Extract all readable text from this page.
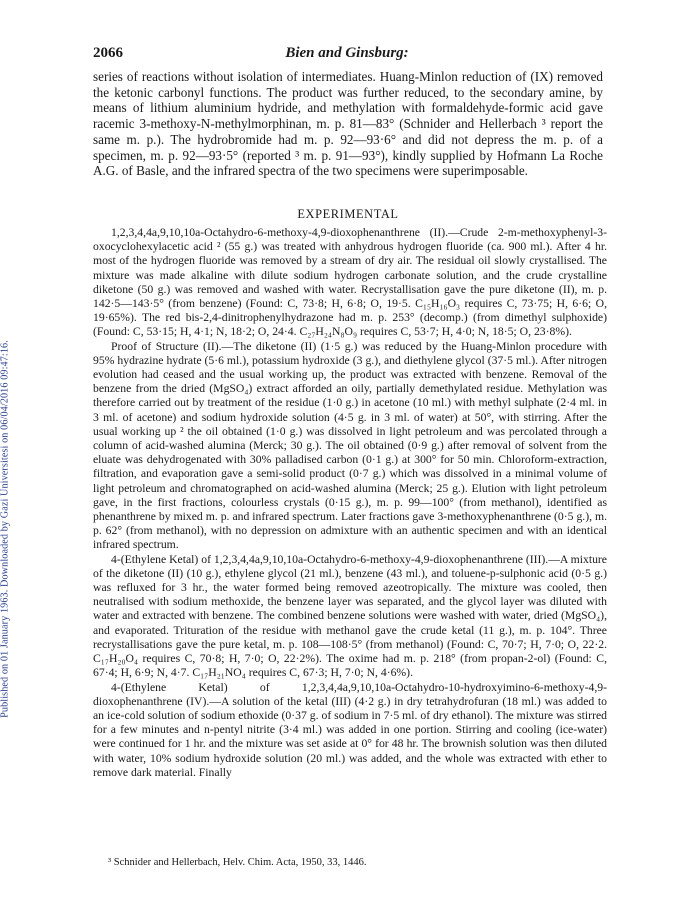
Published on 01 January 1963. Downloaded by Gazi Universitesi on 06/04/2016 09:47:16.
2066	Bien and Ginsburg:

series of reactions without isolation of intermediates. Huang-Minlon reduction of (IX) removed the ketonic carbonyl functions. The product was further reduced, to the secondary amine, by means of lithium aluminium hydride, and methylation with formaldehyde-formic acid gave racemic 3-methoxy-N-methylmorphinan, m. p. 81—83° (Schnider and Hellerbach ³ report the same m. p.). The hydrobromide had m. p. 92—93·6° and did not depress the m. p. of a specimen, m. p. 92—93·5° (reported ³ m. p. 91—93°), kindly supplied by Hofmann La Roche A.G. of Basle, and the infrared spectra of the two specimens were superimposable.

EXPERIMENTAL

1,2,3,4,4a,9,10,10a-Octahydro-6-methoxy-4,9-dioxophenanthrene (II).—Crude 2-m-methoxyphenyl-3-oxocyclohexylacetic acid ² (55 g.) was treated with anhydrous hydrogen fluoride (ca. 900 ml.). After 4 hr. most of the hydrogen fluoride was removed by a stream of dry air. The residual oil slowly crystallised. The mixture was made alkaline with dilute sodium hydrogen carbonate solution, and the crude crystalline diketone (50 g.) was removed and washed with water. Recrystallisation gave the pure diketone (II), m. p. 142·5—143·5° (from benzene) (Found: C, 73·8; H, 6·8; O, 19·5. C₁₅H₁₆O₃ requires C, 73·75; H, 6·6; O, 19·65%). The red bis-2,4-dinitrophenylhydrazone had m. p. 253° (decomp.) (from dimethyl sulphoxide) (Found: C, 53·15; H, 4·1; N, 18·2; O, 24·4. C₂₇H₂₄N₈O₉ requires C, 53·7; H, 4·0; N, 18·5; O, 23·8%).

Proof of Structure (II).—The diketone (II) (1·5 g.) was reduced by the Huang-Minlon procedure with 95% hydrazine hydrate (5·6 ml.), potassium hydroxide (3 g.), and diethylene glycol (37·5 ml.). After nitrogen evolution had ceased and the usual working up, the product was extracted with benzene. Removal of the benzene from the dried (MgSO₄) extract afforded an oily, partially demethylated residue. Methylation was therefore carried out by treatment of the residue (1·0 g.) in acetone (10 ml.) with methyl sulphate (2·4 ml. in 3 ml. of acetone) and sodium hydroxide solution (4·5 g. in 3 ml. of water) at 50°, with stirring. After the usual working up ² the oil obtained (1·0 g.) was dissolved in light petroleum and was percolated through a column of acid-washed alumina (Merck; 30 g.). The oil obtained (0·9 g.) after removal of solvent from the eluate was dehydrogenated with 30% palladised carbon (0·1 g.) at 300° for 50 min. Chloroform-extraction, filtration, and evaporation gave a semi-solid product (0·7 g.) which was dissolved in a minimal volume of light petroleum and chromatographed on acid-washed alumina (Merck; 25 g.). Elution with light petroleum gave, in the first fractions, colourless crystals (0·15 g.), m. p. 99—100° (from methanol), identified as phenanthrene by mixed m. p. and infrared spectrum. Later fractions gave 3-methoxyphenanthrene (0·5 g.), m. p. 62° (from methanol), with no depression on admixture with an authentic specimen and with an identical infrared spectrum.

4-(Ethylene Ketal) of 1,2,3,4,4a,9,10,10a-Octahydro-6-methoxy-4,9-dioxophenanthrene (III).—A mixture of the diketone (II) (10 g.), ethylene glycol (21 ml.), benzene (43 ml.), and toluene-p-sulphonic acid (0·5 g.) was refluxed for 3 hr., the water formed being removed azeotropically. The mixture was cooled, then neutralised with sodium methoxide, the benzene layer was separated, and the glycol layer was diluted with water and extracted with benzene. The combined benzene solutions were washed with water, dried (MgSO₄), and evaporated. Trituration of the residue with methanol gave the crude ketal (11 g.), m. p. 104°. Three recrystallisations gave the pure ketal, m. p. 108—108·5° (from methanol) (Found: C, 70·7; H, 7·0; O, 22·2. C₁₇H₂₀O₄ requires C, 70·8; H, 7·0; O, 22·2%). The oxime had m. p. 218° (from propan-2-ol) (Found: C, 67·4; H, 6·9; N, 4·7. C₁₇H₂₁NO₄ requires C, 67·3; H, 7·0; N, 4·6%).

4-(Ethylene Ketal) of 1,2,3,4,4a,9,10,10a-Octahydro-10-hydroxyimino-6-methoxy-4,9-dioxophenanthrene (IV).—A solution of the ketal (III) (4·2 g.) in dry tetrahydrofuran (18 ml.) was added to an ice-cold solution of sodium ethoxide (0·37 g. of sodium in 7·5 ml. of dry ethanol). The mixture was stirred for a few minutes and n-pentyl nitrite (3·4 ml.) was added in one portion. Stirring and cooling (ice-water) were continued for 1 hr. and the mixture was set aside at 0° for 48 hr. The brownish solution was then diluted with water, 10% sodium hydroxide solution (20 ml.) was added, and the whole was extracted with ether to remove dark material. Finally

³ Schnider and Hellerbach, Helv. Chim. Acta, 1950, 33, 1446.
